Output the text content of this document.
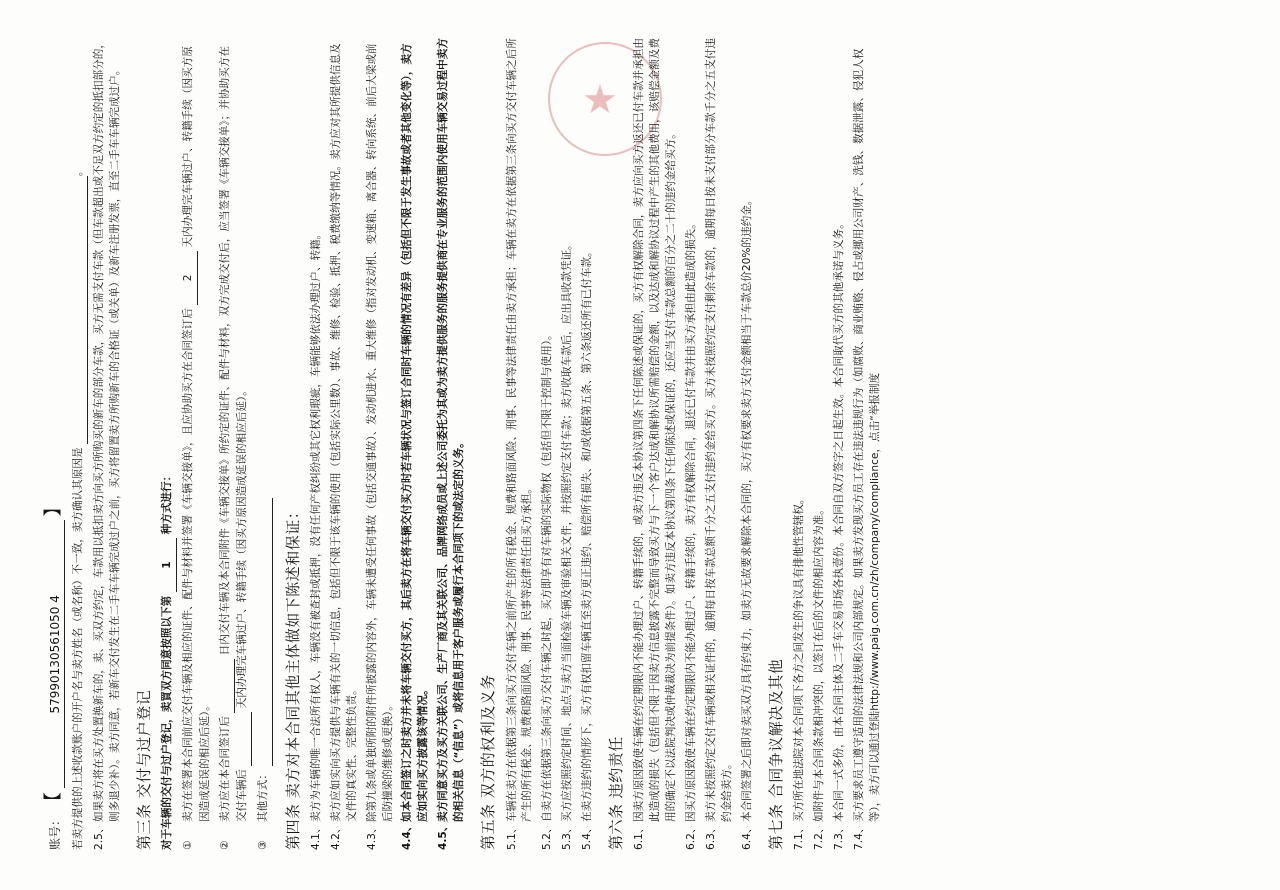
★
账号： 【 57990130561050 4 】 若卖方提供的上述收款账户的开户名与卖方姓名（或名称）不一致，卖方确认其原因是  。
2.5、
如果卖方将在买方处置换新车的，卖、买双方约定，车款用以抵扣卖方向买方所购买的新车的部分车款，买方无需支付车款（但车款超出或不足双方约定的抵扣部分的，则多退少补）。卖方同意，若新车交付发生在二手车车辆完成过户之前，买方将留置卖方所购新车的合格证（或关单）及新车注册发票，直至二手车车辆完成过户。 第三条 交付与过户登记 对于车辆的交付与过户登记，卖買双方同意按照以下第 1 种方式进行：
①
卖方在签署本合同前应交付车辆及相应的证件、配件与材料并签署《车辆交接单》，且应协助买方在合同签订后 2 天内办理完车辆过户、转籍手续（因买方原因造成延误的相应后延）。
②
卖方应在本合同签订后   日内交付车辆及本合同附件《车辆交接单》所约定的证件、配件与材料，双方完成交付后，应当签署《车辆交接单》；并协助买方在交付车辆后   天内办理完车辆过户、转籍手续（因买方原因造成延误的相应后延）。
③
其他方式： 第四条 卖方对本合同其他主体做如下陈述和保证： 4.1、
卖方为车辆的唯一合法所有权人，车辆没有被查封或抵押，没有任何产权纠纷或其它权利瑕疵，车辆能够依法办理过户、转籍。
4.2、
卖方应如实向买方提供与车辆有关的一切信息，包括但不限于该车辆的使用（包括实际公里数）、事故、维修、检验、抵押、税费缴纳等情况。卖方应对其所提供信息及文件的真实性、完整性负责。
4.3、
除第九条或单独所附的附件所披露的内容外，车辆未遭受任何事故（包括交通事故）、发动机进水、重大维修（指对发动机、变速箱、离合器、转向系统、前后大梁或前后防撞梁的维修或更换）。
4.4、
如本合同签订之时卖方并未将车辆交付买方，其后卖方在将车辆交付买方时若车辆状况与签订合同时车辆的情况有差异（包括但不限于发生事故或者其他变化等），卖方应如实向买方披露该等情况。
4.5、
卖方同意买方及买方关联公司、生产厂商及其关联公司、品牌网络成员或上述公司委托为其或为卖方提供服务的服务提供商在专业服务的范围内使用车辆交易过程中卖方的相关信息（“信息”）或将信息用于客户服务或履行本合同项下的或法定的义务。 第五条 双方的权利及义务 5.1、
车辆在卖方在依据第三条向买方交付车辆之前所产生的所有税金、规费和路面风险、刑事、民事等法律责任由卖方承担；车辆在卖方在依据第三条向买方交付车辆之后所产生的所有税金、规费和路面风险、刑事、民事等法律责任由买方承担。
5.2、
自卖方在依据第三条向买方交付车辆之时起，买方即享有对车辆的实际物权（包括但不限于控制与使用）。
5.3、
买方应按照约定时间、地点与卖方当面检验车辆及审验相关文件，并按照约定支付车款；卖方收取车款后，应出具收款凭证。
5.4、
在卖方违约的情形下，买方有权扣留车辆直至卖方更正违约、赔偿所有损失、和/或依据第五条、第六条返还所有已付车款。 第六条 违约责任 6.1、
因卖方原因致使车辆在约定期限内不能办理过户、转籍手续的，或卖方违反本协议第四条下任何陈述或保证的，买方有权解除合同，卖方应向买方返还已付车款并承担由此造成的损失（包括但不限于因卖方信息披露不完整而导致买方与下一个客户达成和解协议所需赔偿的金额，以及达成和解协议过程中产生的其他费用，该赔偿金额及费用的确定不以法院判决或仲裁裁决为前提条件）。如卖方违反本协议第四条下任何陈述或保证的，还应当支付车款总额的百分之二十的违约金给买方。
6.2、
因买方原因致使车辆在约定期限内不能办理过户、转籍手续的，卖方有权解除合同，退还已付车款并由买方承担由此造成的损失。
6.3、
卖方未按照约定交付车辆或相关证件的，逾期每日按车款总额千分之五支付违约金给买方。买方未按照约定支付剩余车款的，逾期每日按未支付部分车款千分之五支付违约金给卖方。
6.4、
本合同签署之后即对卖买双方具有约束力，如卖方无故要求解除本合同的，买方有权要求卖方支付金额相当于车款总价20%的违约金。 第七条 合同争议解决及其他 7.1、
买方所在地法院对本合同项下各方之间发生的争议具有排他性管辖权。
7.2、
如附件与本合同条款相冲突的，以签订在后的文件的相应内容为准。
7.3、
本合同一式多份，由本合同主体及二手车交易市场各执壹份。本合同自双方签字之日起生效。本合同取代买方的其他承诺与义务。
7.4、
买方要求员工遵守适用的法律法规和公司内部规定。如果卖方发现买方员工存在违法违规行为（如腐败、商业贿赂、侵占或挪用公司财产、洗钱、数据泄露、侵犯人权等），卖方可以通过登陆http://www.paig.com.cn/zh/company/compliance，点击“举报制度
